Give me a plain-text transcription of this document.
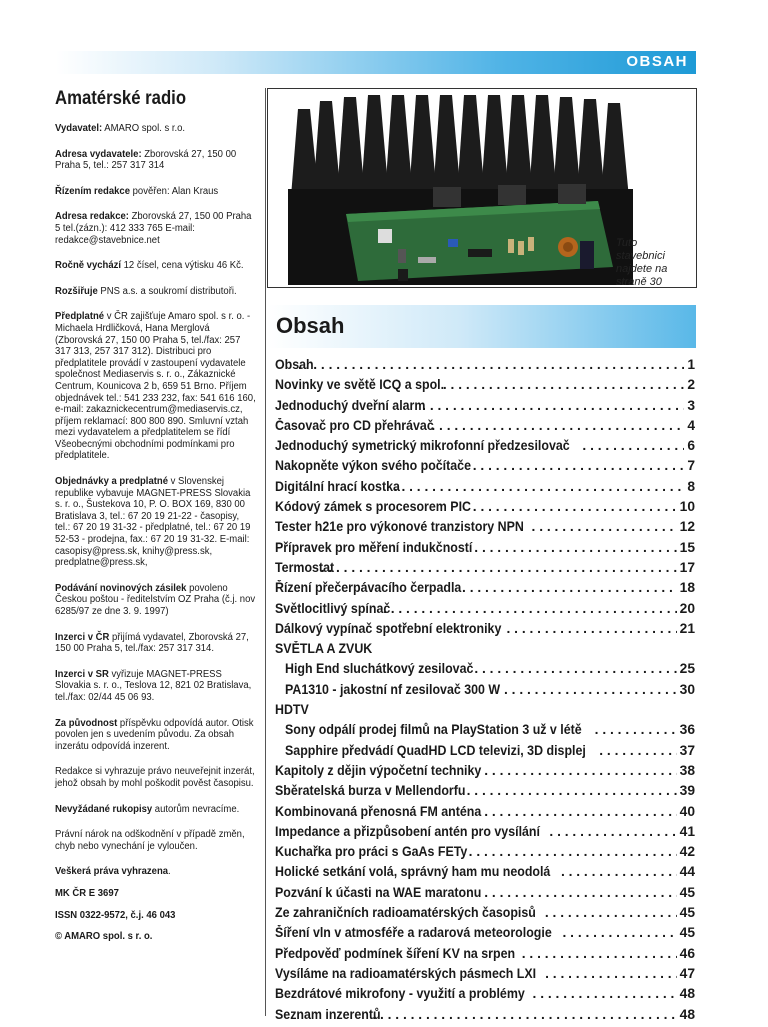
OBSAH
Amatérské radio

Vydavatel: AMARO spol. s r.o.

Adresa vydavatele: Zborovská 27, 150 00 Praha 5, tel.: 257 317 314

Řízením redakce pověřen: Alan Kraus

Adresa redakce: Zborovská 27, 150 00 Praha 5 tel.(zázn.): 412 333 765 E-mail: redakce@stavebnice.net

Ročně vychází 12 čísel, cena výtisku 46 Kč.

Rozšiřuje PNS a.s. a soukromí distributoři.

Předplatné v ČR zajišťuje Amaro spol. s r. o. -Michaela Hrdličková, Hana Merglová (Zborovská 27, 150 00 Praha 5, tel./fax: 257 317 313, 257 317 312). Distribuci pro předplatitele provádí v zastoupení vydavatele společnost Mediaservis s. r. o., Zákaznické Centrum, Kounicova 2 b, 659 51 Brno. Příjem objednávek tel.: 541 233 232, fax: 541 616 160, e-mail: zakaznickecentrum@mediaservis.cz, příjem reklamací: 800 800 890. Smluvní vztah mezi vydavatelem a předplatitelem se řídí Všeobecnými obchodními podmínkami pro předplatitele.

Objednávky a predplatné v Slovenskej republike vybavuje MAGNET-PRESS Slovakia s. r. o., Šustekova 10, P. O. BOX 169, 830 00 Bratislava 3, tel.: 67 20 19 21-22 - časopisy, tel.: 67 20 19 31-32 - předplatné, tel.: 67 20 19 52-53 - prodejna, fax.: 67 20 19 31-32. E-mail: casopisy@press.sk, knihy@press.sk, predplatne@press.sk,

Podávání novinových zásilek povoleno Českou poštou - ředitelstvím OZ Praha (č.j. nov 6285/97 ze dne 3. 9. 1997)

Inzerci v ČR přijímá vydavatel, Zborovská 27, 150 00 Praha 5, tel./fax: 257 317 314.

Inzerci v SR vyřizuje MAGNET-PRESS Slovakia s. r. o., Teslova 12, 821 02 Bratislava, tel./fax: 02/44 45 06 93.

Za původnost příspěvku odpovídá autor. Otisk povolen jen s uvedením původu. Za obsah inzerátu odpovídá inzerent.

Redakce si vyhrazuje právo neuveřejnit inzerát, jehož obsah by mohl poškodit pověst časopisu.

Nevyžádané rukopisy autorům nevracíme.

Právní nárok na odškodnění v případě změn, chyb nebo vynechání je vyloučen.

Veškerá práva vyhrazena.

MK ČR E 3697

ISSN 0322-9572, č.j. 46 043

© AMARO spol. s r. o.

Tuto stavebnici najdete na straně 30
Obsah
Obsah . . .	1
Novinky ve světě ICQ a spol. . . .	2
Jednoduchý dveřní alarm . . .	3
Časovač pro CD přehrávač . . .	4
Jednoduchý symetrický mikrofonní předzesilovač . . .	6
Nakopněte výkon svého počítače . . .	7
Digitální hrací kostka . . .	8
Kódový zámek s procesorem PIC . . .	10
Tester h21e pro výkonové tranzistory NPN . . .	12
Přípravek pro měření indukčností . . .	15
Termostat . . .	17
Řízení přečerpávacího čerpadla . . .	18
Světlocitlivý spínač . . .	20
Dálkový vypínač spotřební elektroniky . . .	21
SVĚTLA A ZVUK
High End sluchátkový zesilovač . . .	25
PA1310 - jakostní nf zesilovač 300 W . . .	30
HDTV
Sony odpálí prodej filmů na PlayStation 3 už v létě . . .	36
Sapphire předvádí QuadHD LCD televizi, 3D displej . . .	37
Kapitoly z dějin výpočetní techniky . . .	38
Sběratelská burza v Mellendorfu . . .	39
Kombinovaná přenosná FM anténa . . .	40
Impedance a přizpůsobení antén pro vysílání . . .	41
Kuchařka pro práci s GaAs FETy . . .	42
Holické setkání volá, správný ham mu neodolá . . .	44
Pozvání k účasti na WAE maratonu . . .	45
Ze zahraničních radioamatérských časopisů . . .	45
Šíření vln v atmosféře a radarová meteorologie . . .	45
Předpověď podmínek šíření KV na srpen . . .	46
Vysíláme na radioamatérských pásmech LXI . . .	47
Bezdrátové mikrofony - využití a problémy . . .	48
Seznam inzerentů . . .	48
